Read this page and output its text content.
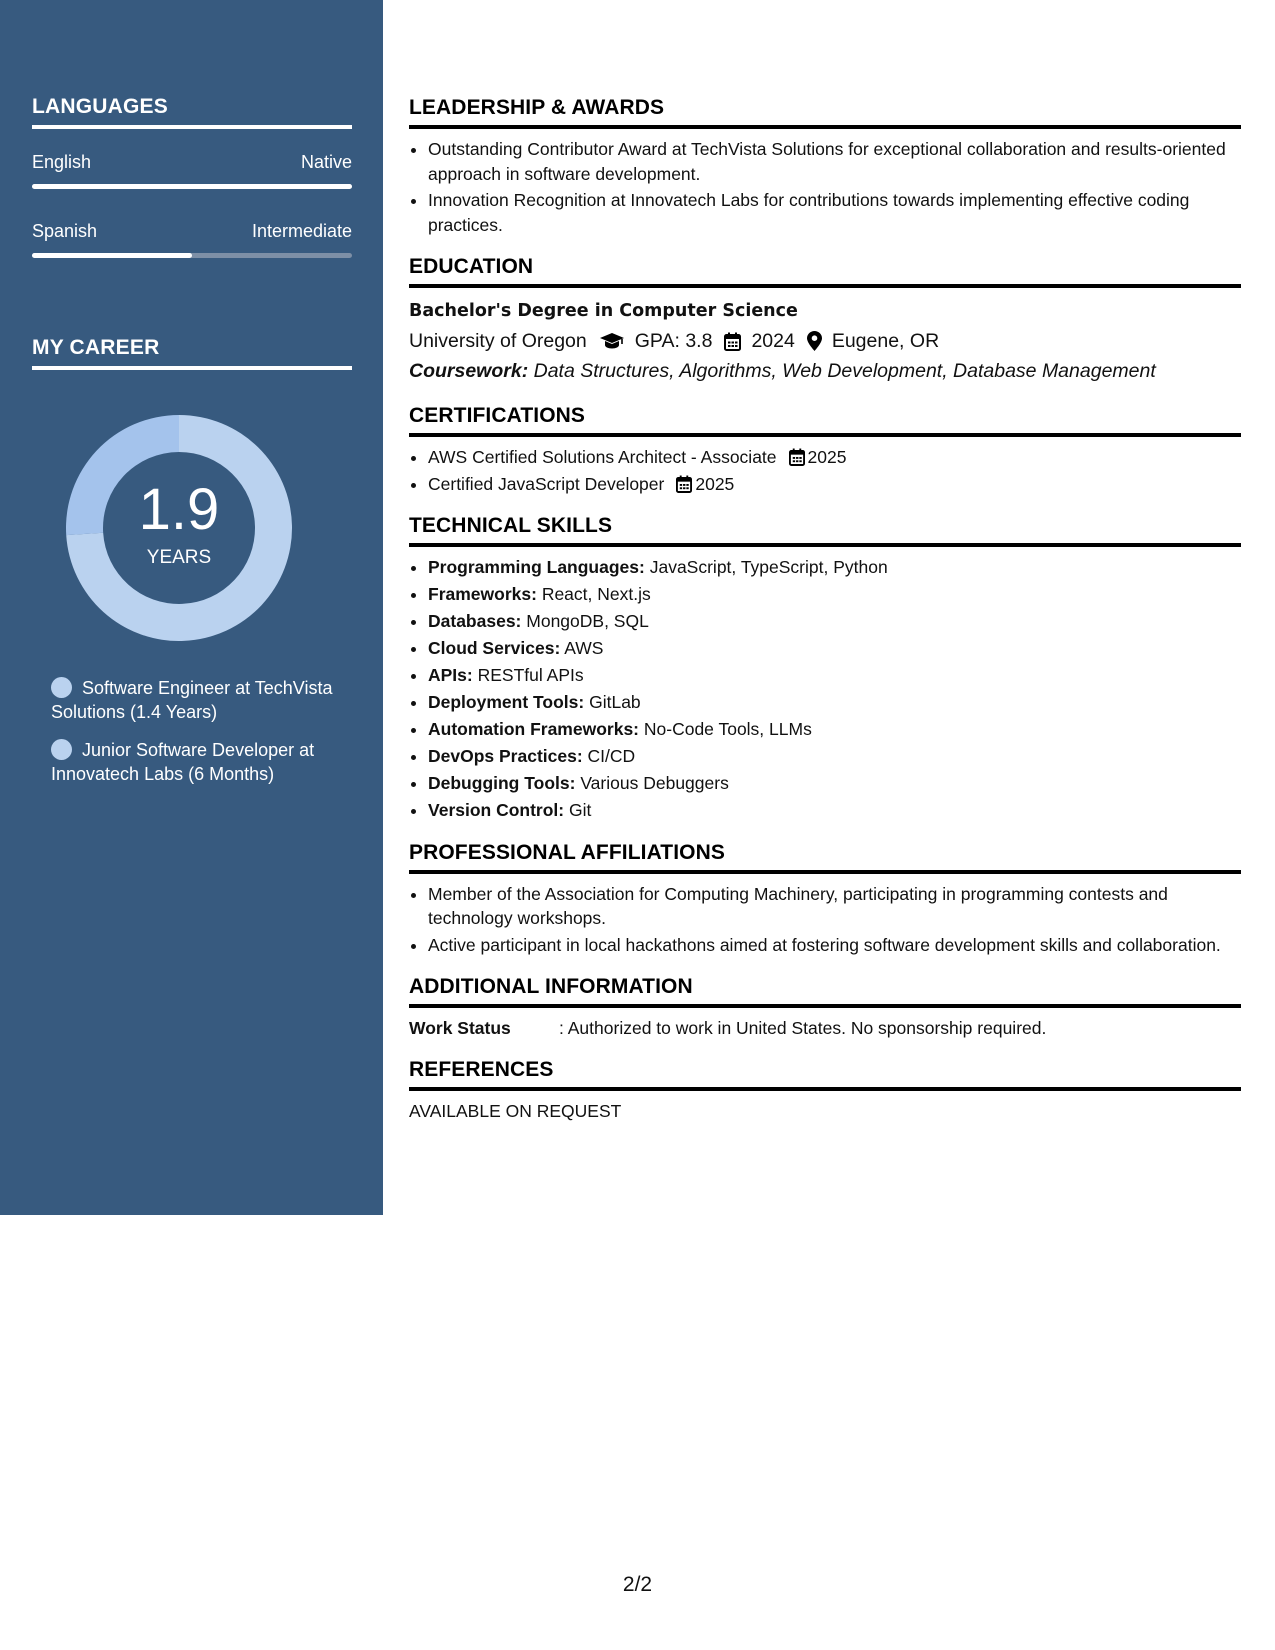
LANGUAGES
English	Native
Spanish	Intermediate
MY CAREER
1.9
YEARS
Software Engineer at TechVista Solutions (1.4 Years)
Junior Software Developer at Innovatech Labs (6 Months)
LEADERSHIP & AWARDS
• Outstanding Contributor Award at TechVista Solutions for exceptional collaboration and results-oriented approach in software development.
• Innovation Recognition at Innovatech Labs for contributions towards implementing effective coding practices.
EDUCATION
Bachelor's Degree in Computer Science
University of Oregon GPA: 3.8 2024 Eugene, OR
Coursework: Data Structures, Algorithms, Web Development, Database Management
CERTIFICATIONS
• AWS Certified Solutions Architect - Associate 2025
• Certified JavaScript Developer 2025
TECHNICAL SKILLS
• Programming Languages: JavaScript, TypeScript, Python
• Frameworks: React, Next.js
• Databases: MongoDB, SQL
• Cloud Services: AWS
• APIs: RESTful APIs
• Deployment Tools: GitLab
• Automation Frameworks: No-Code Tools, LLMs
• DevOps Practices: CI/CD
• Debugging Tools: Various Debuggers
• Version Control: Git
PROFESSIONAL AFFILIATIONS
• Member of the Association for Computing Machinery, participating in programming contests and technology workshops.
• Active participant in local hackathons aimed at fostering software development skills and collaboration.
ADDITIONAL INFORMATION
Work Status	: Authorized to work in United States. No sponsorship required.
REFERENCES
AVAILABLE ON REQUEST
2/2
